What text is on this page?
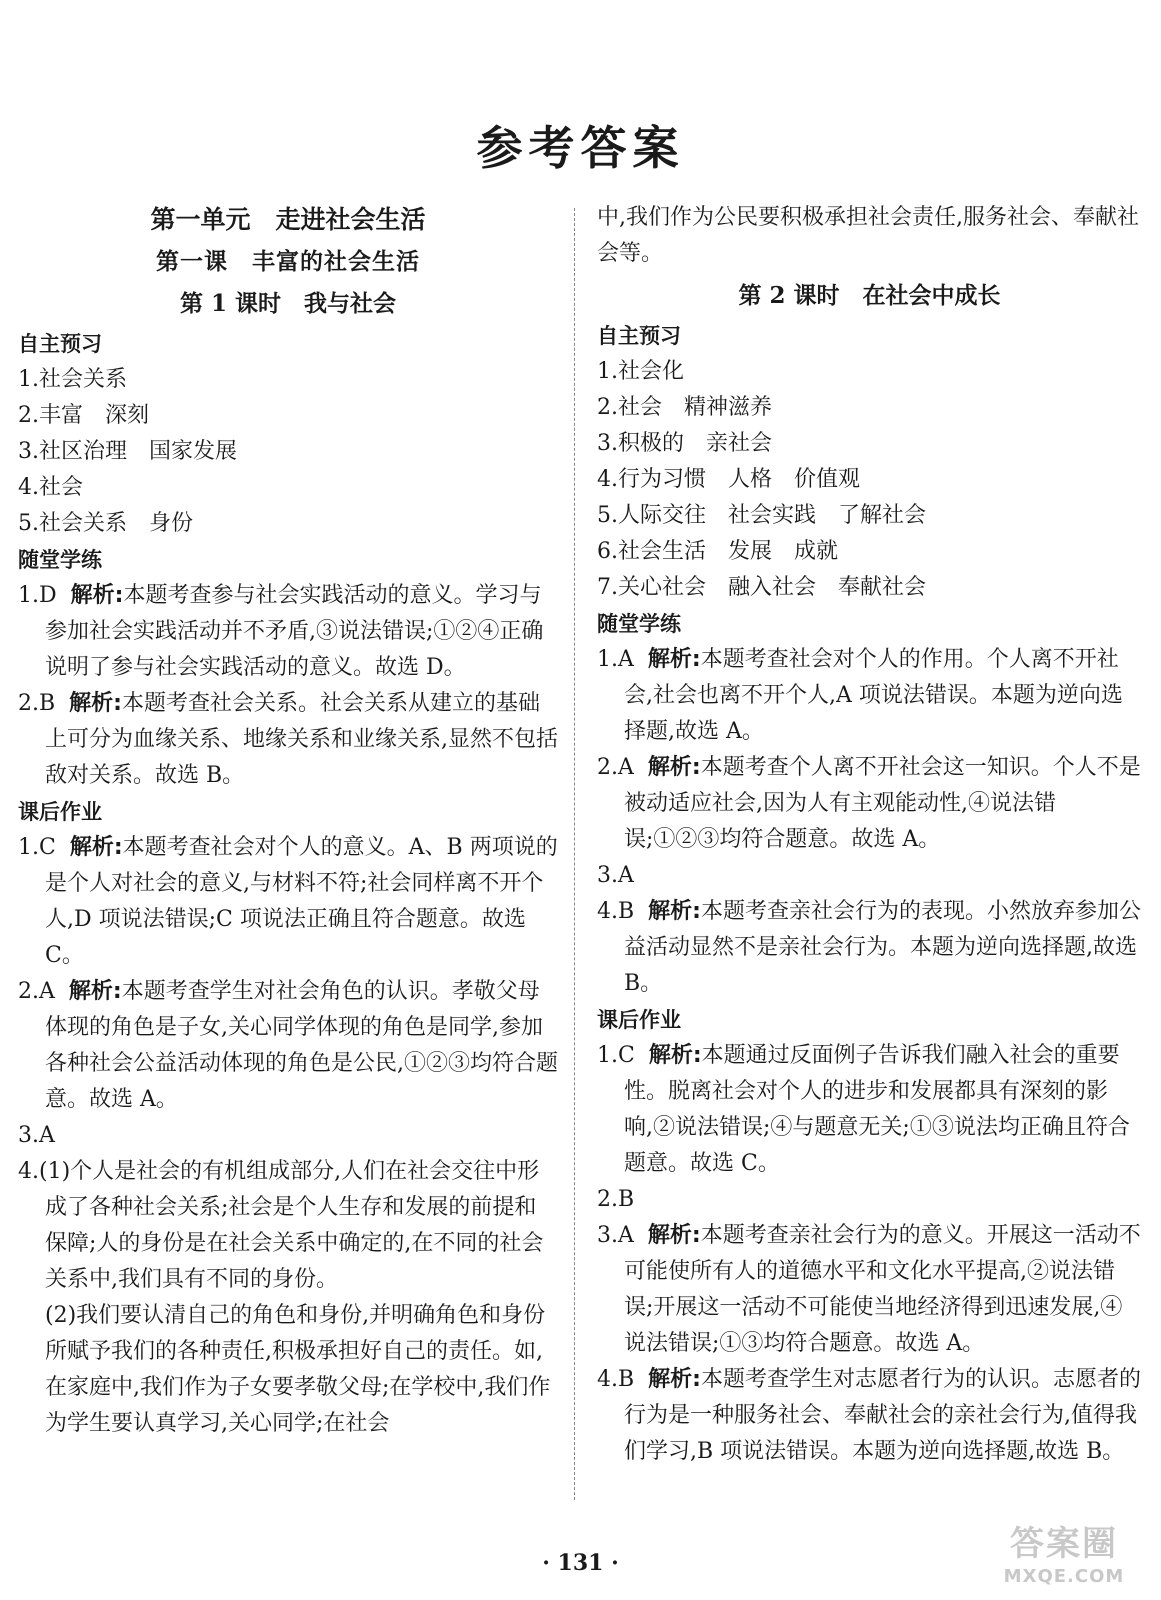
参考答案
第一单元　走进社会生活
第一课　丰富的社会生活
第 1 课时　我与社会
自主预习
1.社会关系
2.丰富　深刻
3.社区治理　国家发展
4.社会
5.社会关系　身份
随堂学练
1.D 解析:本题考查参与社会实践活动的意义。学习与参加社会实践活动并不矛盾,③说法错误;①②④正确说明了参与社会实践活动的意义。故选 D。
2.B 解析:本题考查社会关系。社会关系从建立的基础上可分为血缘关系、地缘关系和业缘关系,显然不包括敌对关系。故选 B。
课后作业
1.C 解析:本题考查社会对个人的意义。A、B 两项说的是个人对社会的意义,与材料不符;社会同样离不开个人,D 项说法错误;C 项说法正确且符合题意。故选 C。
2.A 解析:本题考查学生对社会角色的认识。孝敬父母体现的角色是子女,关心同学体现的角色是同学,参加各种社会公益活动体现的角色是公民,①②③均符合题意。故选 A。
3.A
4.(1)个人是社会的有机组成部分,人们在社会交往中形成了各种社会关系;社会是个人生存和发展的前提和保障;人的身份是在社会关系中确定的,在不同的社会关系中,我们具有不同的身份。
(2)我们要认清自己的角色和身份,并明确角色和身份所赋予我们的各种责任,积极承担好自己的责任。如,在家庭中,我们作为子女要孝敬父母;在学校中,我们作为学生要认真学习,关心同学;在社会
中,我们作为公民要积极承担社会责任,服务社会、奉献社会等。
第 2 课时　在社会中成长
自主预习
1.社会化
2.社会　精神滋养
3.积极的　亲社会
4.行为习惯　人格　价值观
5.人际交往　社会实践　了解社会
6.社会生活　发展　成就
7.关心社会　融入社会　奉献社会
随堂学练
1.A 解析:本题考查社会对个人的作用。个人离不开社会,社会也离不开个人,A 项说法错误。本题为逆向选择题,故选 A。
2.A 解析:本题考查个人离不开社会这一知识。个人不是被动适应社会,因为人有主观能动性,④说法错误;①②③均符合题意。故选 A。
3.A
4.B 解析:本题考查亲社会行为的表现。小然放弃参加公益活动显然不是亲社会行为。本题为逆向选择题,故选 B。
课后作业
1.C 解析:本题通过反面例子告诉我们融入社会的重要性。脱离社会对个人的进步和发展都具有深刻的影响,②说法错误;④与题意无关;①③说法均正确且符合题意。故选 C。
2.B
3.A 解析:本题考查亲社会行为的意义。开展这一活动不可能使所有人的道德水平和文化水平提高,②说法错误;开展这一活动不可能使当地经济得到迅速发展,④说法错误;①③均符合题意。故选 A。
4.B 解析:本题考查学生对志愿者行为的认识。志愿者的行为是一种服务社会、奉献社会的亲社会行为,值得我们学习,B 项说法错误。本题为逆向选择题,故选 B。
· 131 ·	答案圈
MXQE.COM
